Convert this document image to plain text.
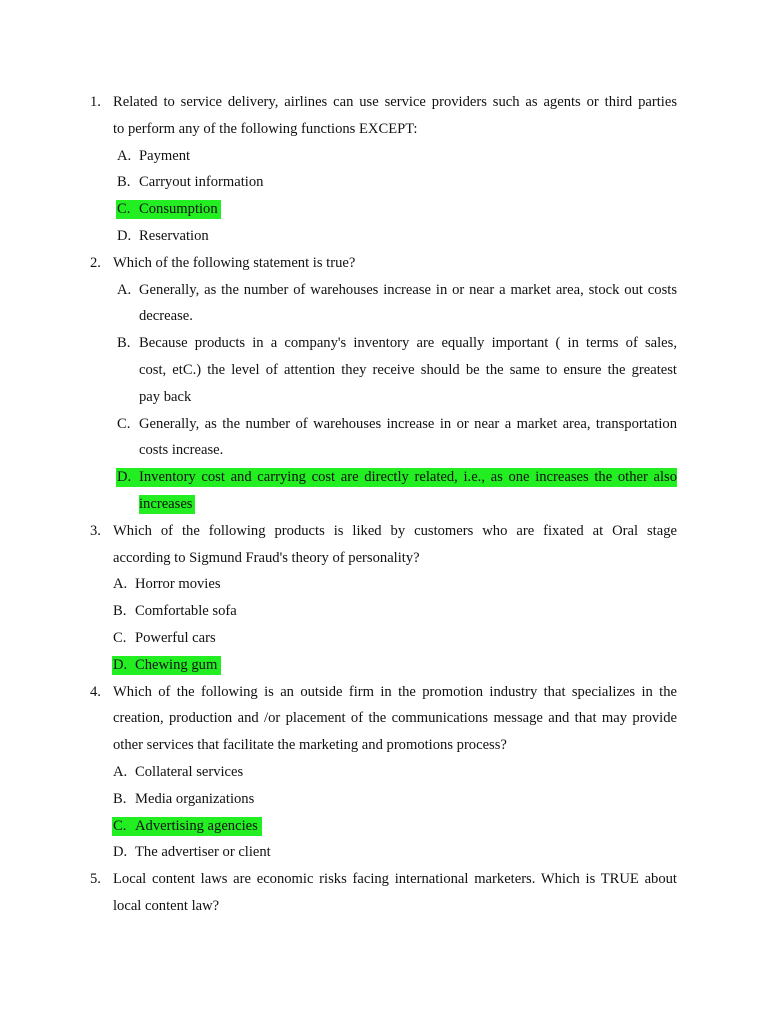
1. Related to service delivery, airlines can use service providers such as agents or third parties
to perform any of the following functions EXCEPT:
A. Payment
B. Carryout information
C. Consumption
D. Reservation
2. Which of the following statement is true?
A. Generally, as the number of warehouses increase in or near a market area, stock out costs
decrease.
B. Because products in a company's inventory are equally important ( in terms of sales,
cost, etC.) the level of attention they receive should be the same to ensure the greatest
pay back
C. Generally, as the number of warehouses increase in or near a market area, transportation
costs increase.
D. Inventory cost and carrying cost are directly related, i.e., as one increases the other also
increases
3. Which of the following products is liked by customers who are fixated at Oral stage
according to Sigmund Fraud's theory of personality?
A. Horror movies
B. Comfortable sofa
C. Powerful cars
D. Chewing gum
4. Which of the following is an outside firm in the promotion industry that specializes in the
creation, production and /or placement of the communications message and that may provide
other services that facilitate the marketing and promotions process?
A. Collateral services
B. Media organizations
C. Advertising agencies
D. The advertiser or client
5. Local content laws are economic risks facing international marketers. Which is TRUE about
local content law?
